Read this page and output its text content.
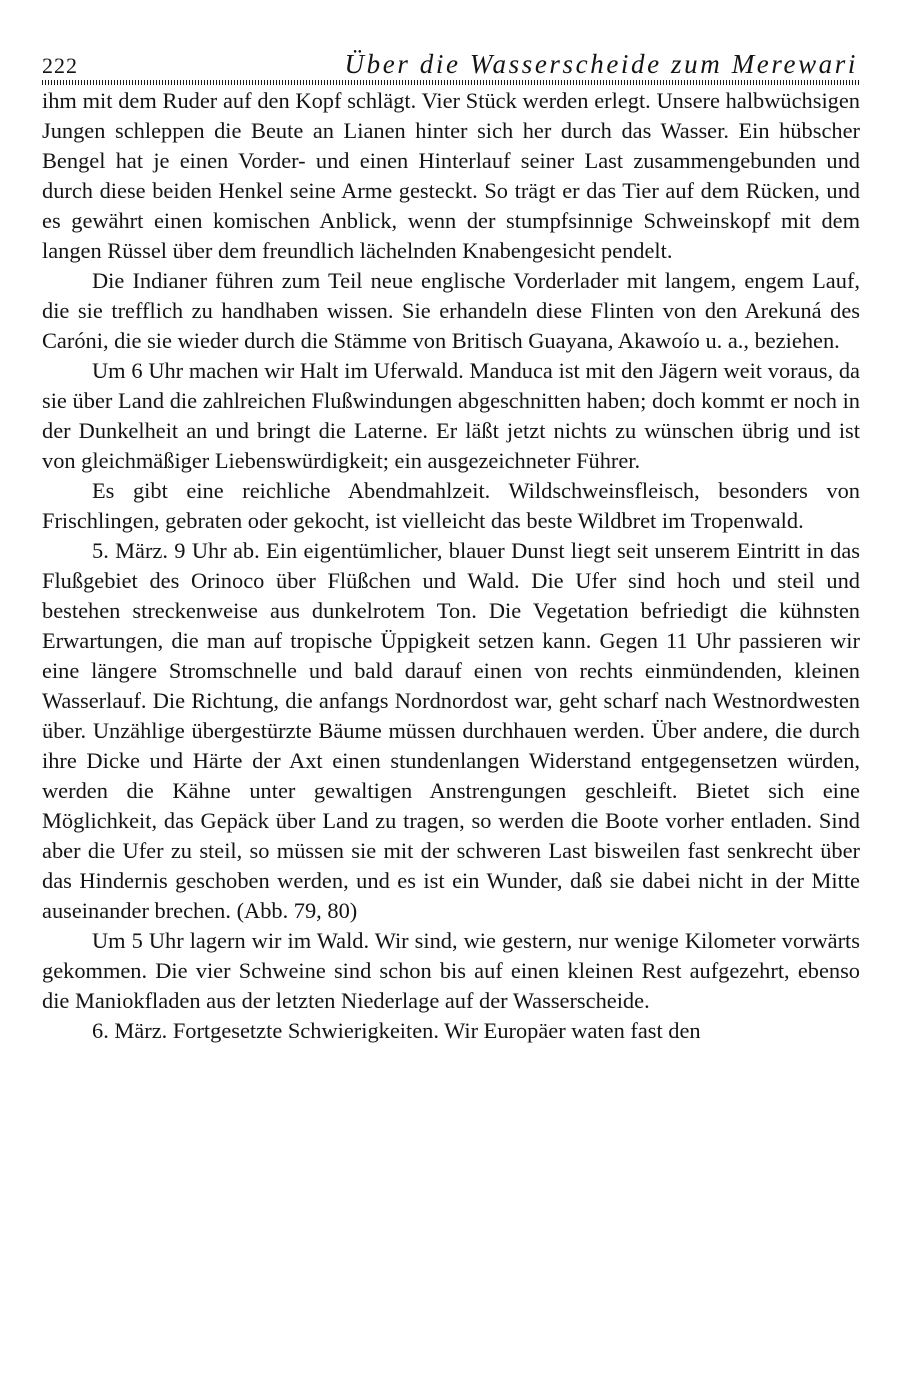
222	Über die Wasserscheide zum Merewari

ihm mit dem Ruder auf den Kopf schlägt. Vier Stück werden erlegt. Unsere halbwüchsigen Jungen schleppen die Beute an Lianen hinter sich her durch das Wasser. Ein hübscher Bengel hat je einen Vorder- und einen Hinterlauf seiner Last zusammengebunden und durch diese beiden Henkel seine Arme gesteckt. So trägt er das Tier auf dem Rücken, und es gewährt einen komischen Anblick, wenn der stumpfsinnige Schweinskopf mit dem langen Rüssel über dem freundlich lächelnden Knabengesicht pendelt.

Die Indianer führen zum Teil neue englische Vorderlader mit langem, engem Lauf, die sie trefflich zu handhaben wissen. Sie erhandeln diese Flinten von den Arekuná des Caróni, die sie wieder durch die Stämme von Britisch Guayana, Akawoío u. a., beziehen.

Um 6 Uhr machen wir Halt im Uferwald. Manduca ist mit den Jägern weit voraus, da sie über Land die zahlreichen Flußwindungen abgeschnitten haben; doch kommt er noch in der Dunkelheit an und bringt die Laterne. Er läßt jetzt nichts zu wünschen übrig und ist von gleichmäßiger Liebenswürdigkeit; ein ausgezeichneter Führer.

Es gibt eine reichliche Abendmahlzeit. Wildschweinsfleisch, besonders von Frischlingen, gebraten oder gekocht, ist vielleicht das beste Wildbret im Tropenwald.

5. März. 9 Uhr ab. Ein eigentümlicher, blauer Dunst liegt seit unserem Eintritt in das Flußgebiet des Orinoco über Flüßchen und Wald. Die Ufer sind hoch und steil und bestehen streckenweise aus dunkelrotem Ton. Die Vegetation befriedigt die kühnsten Erwartungen, die man auf tropische Üppigkeit setzen kann. Gegen 11 Uhr passieren wir eine längere Stromschnelle und bald darauf einen von rechts einmündenden, kleinen Wasserlauf. Die Richtung, die anfangs Nordnordost war, geht scharf nach Westnordwesten über. Unzählige übergestürzte Bäume müssen durchhauen werden. Über andere, die durch ihre Dicke und Härte der Axt einen stundenlangen Widerstand entgegensetzen würden, werden die Kähne unter gewaltigen Anstrengungen geschleift. Bietet sich eine Möglichkeit, das Gepäck über Land zu tragen, so werden die Boote vorher entladen. Sind aber die Ufer zu steil, so müssen sie mit der schweren Last bisweilen fast senkrecht über das Hindernis geschoben werden, und es ist ein Wunder, daß sie dabei nicht in der Mitte auseinander brechen. (Abb. 79, 80)

Um 5 Uhr lagern wir im Wald. Wir sind, wie gestern, nur wenige Kilometer vorwärts gekommen. Die vier Schweine sind schon bis auf einen kleinen Rest aufgezehrt, ebenso die Maniokfladen aus der letzten Niederlage auf der Wasserscheide.

6. März. Fortgesetzte Schwierigkeiten. Wir Europäer waten fast den
